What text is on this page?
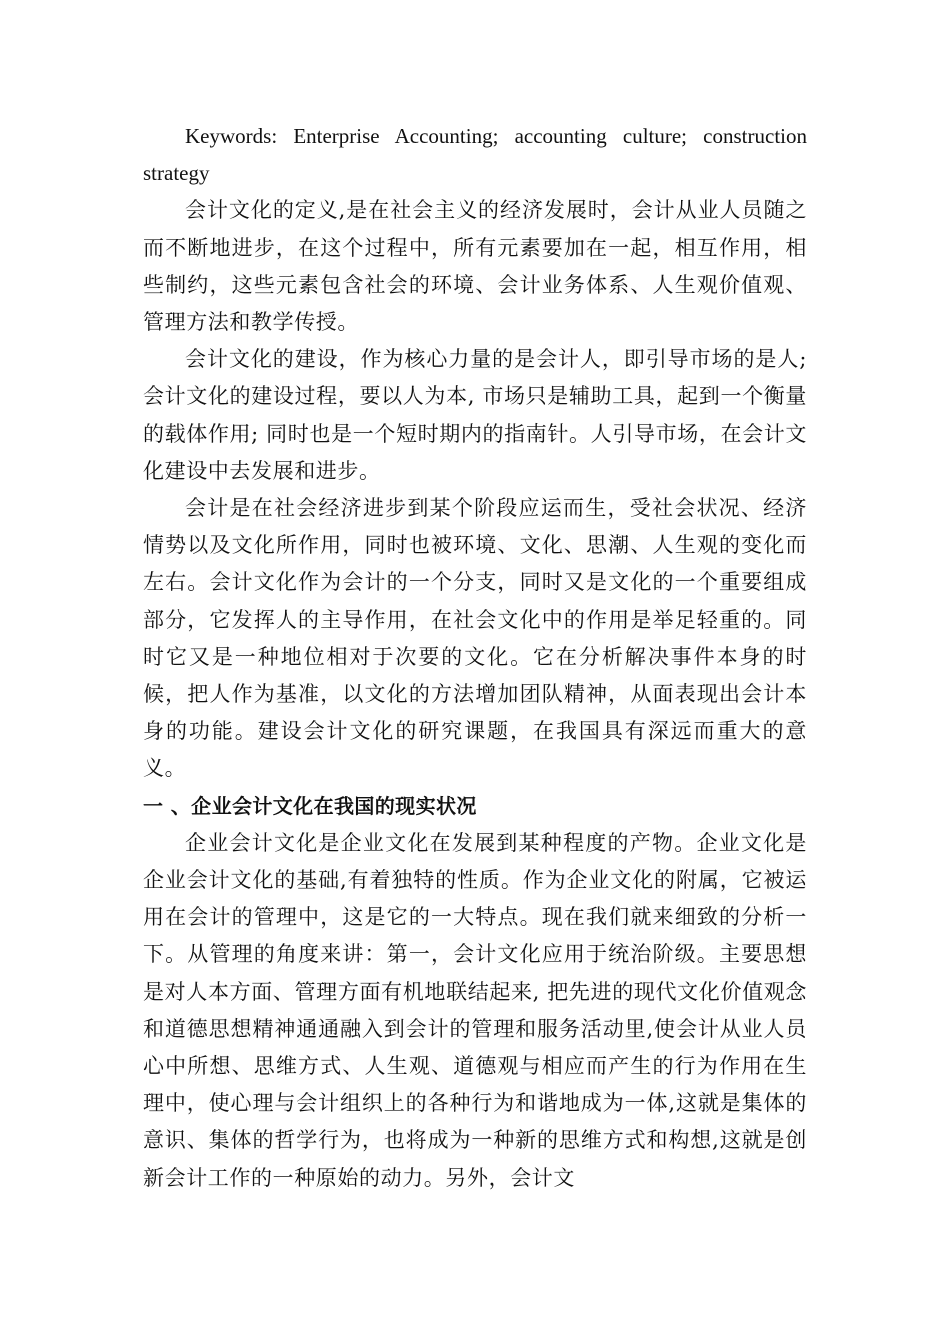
Keywords: Enterprise Accounting; accounting culture; construction strategy

会计文化的定义,是在社会主义的经济发展时，会计从业人员随之而不断地进步，在这个过程中，所有元素要加在一起，相互作用，相些制约，这些元素包含社会的环境、会计业务体系、人生观价值观、管理方法和教学传授。

会计文化的建设，作为核心力量的是会计人，即引导市场的是人;会计文化的建设过程，要以人为本, 市场只是辅助工具，起到一个衡量的载体作用; 同时也是一个短时期内的指南针。人引导市场，在会计文化建设中去发展和进步。

会计是在社会经济进步到某个阶段应运而生，受社会状况、经济情势以及文化所作用，同时也被环境、文化、思潮、人生观的变化而左右。会计文化作为会计的一个分支，同时又是文化的一个重要组成部分，它发挥人的主导作用，在社会文化中的作用是举足轻重的。同时它又是一种地位相对于次要的文化。它在分析解决事件本身的时候，把人作为基准，以文化的方法增加团队精神，从面表现出会计本身的功能。建设会计文化的研究课题，在我国具有深远而重大的意义。

一 、企业会计文化在我国的现实状况

企业会计文化是企业文化在发展到某种程度的产物。企业文化是企业会计文化的基础,有着独特的性质。作为企业文化的附属，它被运用在会计的管理中，这是它的一大特点。现在我们就来细致的分析一下。从管理的角度来讲：第一，会计文化应用于统治阶级。主要思想是对人本方面、管理方面有机地联结起来, 把先进的现代文化价值观念和道德思想精神通通融入到会计的管理和服务活动里,使会计从业人员心中所想、思维方式、人生观、道德观与相应而产生的行为作用在生理中，使心理与会计组织上的各种行为和谐地成为一体,这就是集体的意识、集体的哲学行为，也将成为一种新的思维方式和构想,这就是创新会计工作的一种原始的动力。另外，会计文
